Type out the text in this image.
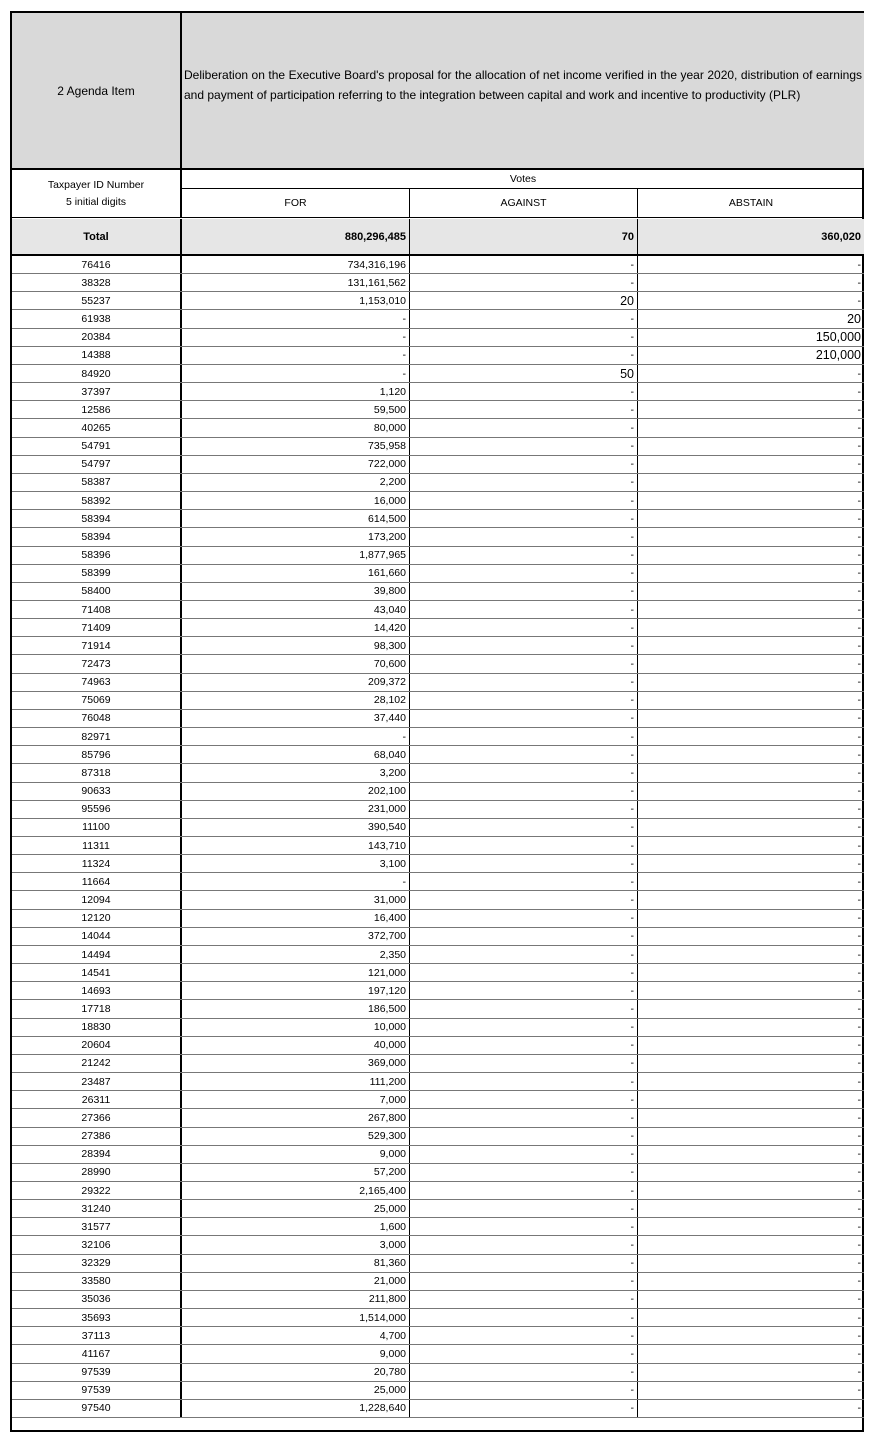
2 Agenda Item
Deliberation on the Executive Board's proposal for the allocation of net income verified in the year 2020, distribution of earnings and payment of participation referring to the integration between capital and work and incentive to productivity (PLR)
Taxpayer ID Number
5 initial digits
Votes
FOR	AGAINST	ABSTAIN
Total	880,296,485	70	360,020
76416	734,316,196	-	-
38328	131,161,562	-	-
55237	1,153,010	20	-
61938	-	-	20
20384	-	-	150,000
14388	-	-	210,000
84920	-	50	-
37397	1,120	-	-
12586	59,500	-	-
40265	80,000	-	-
54791	735,958	-	-
54797	722,000	-	-
58387	2,200	-	-
58392	16,000	-	-
58394	614,500	-	-
58394	173,200	-	-
58396	1,877,965	-	-
58399	161,660	-	-
58400	39,800	-	-
71408	43,040	-	-
71409	14,420	-	-
71914	98,300	-	-
72473	70,600	-	-
74963	209,372	-	-
75069	28,102	-	-
76048	37,440	-	-
82971	-	-	-
85796	68,040	-	-
87318	3,200	-	-
90633	202,100	-	-
95596	231,000	-	-
11100	390,540	-	-
11311	143,710	-	-
11324	3,100	-	-
11664	-	-	-
12094	31,000	-	-
12120	16,400	-	-
14044	372,700	-	-
14494	2,350	-	-
14541	121,000	-	-
14693	197,120	-	-
17718	186,500	-	-
18830	10,000	-	-
20604	40,000	-	-
21242	369,000	-	-
23487	111,200	-	-
26311	7,000	-	-
27366	267,800	-	-
27386	529,300	-	-
28394	9,000	-	-
28990	57,200	-	-
29322	2,165,400	-	-
31240	25,000	-	-
31577	1,600	-	-
32106	3,000	-	-
32329	81,360	-	-
33580	21,000	-	-
35036	211,800	-	-
35693	1,514,000	-	-
37113	4,700	-	-
41167	9,000	-	-
97539	20,780	-	-
97539	25,000	-	-
97540	1,228,640	-	-
